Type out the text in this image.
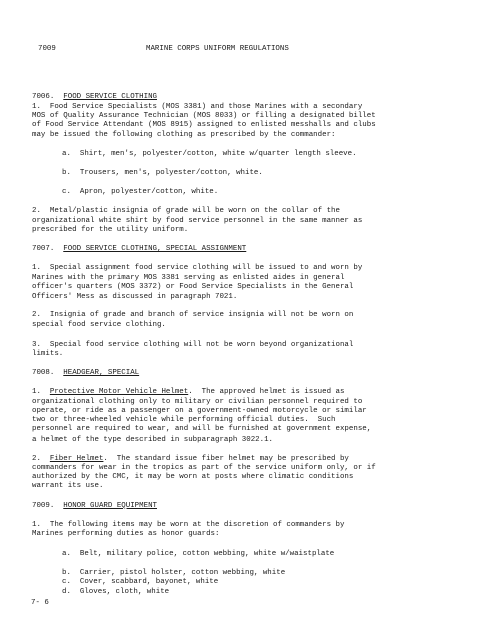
7009	MARINE CORPS UNIFORM REGULATIONS
7006. FOOD SERVICE CLOTHING
1.  Food Service Specialists (MOS 3381) and those Marines with a secondary
MOS of Quality Assurance Technician (MOS 8033) or filling a designated billet
of Food Service Attendant (MOS 8915) assigned to enlisted messhalls and clubs
may be issued the following clothing as prescribed by the commander:
a.  Shirt, men's, polyester/cotton, white w/quarter length sleeve.
b.  Trousers, men's, polyester/cotton, white.
c.  Apron, polyester/cotton, white.
2.  Metal/plastic insignia of grade will be worn on the collar of the
organizational white shirt by food service personnel in the same manner as
prescribed for the utility uniform.
7007. FOOD SERVICE CLOTHING, SPECIAL ASSIGNMENT
1.  Special assignment food service clothing will be issued to and worn by
Marines with the primary MOS 3381 serving as enlisted aides in general
officer's quarters (MOS 3372) or Food Service Specialists in the General
Officers' Mess as discussed in paragraph 7021.
2.  Insignia of grade and branch of service insignia will not be worn on
special food service clothing.
3.  Special food service clothing will not be worn beyond organizational
limits.
7008. HEADGEAR, SPECIAL
1.  Protective Motor Vehicle Helmet.  The approved helmet is issued as
organizational clothing only to military or civilian personnel required to
operate, or ride as a passenger on a government-owned motorcycle or similar
two or three-wheeled vehicle while performing official duties.  Such
personnel are required to wear, and will be furnished at government expense,
a helmet of the type described in subparagraph 3022.1.
2.  Fiber Helmet.  The standard issue fiber helmet may be prescribed by
commanders for wear in the tropics as part of the service uniform only, or if
authorized by the CMC, it may be worn at posts where climatic conditions
warrant its use.
7009. HONOR GUARD EQUIPMENT
1.  The following items may be worn at the discretion of commanders by
Marines performing duties as honor guards:
a.  Belt, military police, cotton webbing, white w/waistplate
b.  Carrier, pistol holster, cotton webbing, white
c.  Cover, scabbard, bayonet, white
d.  Gloves, cloth, white
7- 6
